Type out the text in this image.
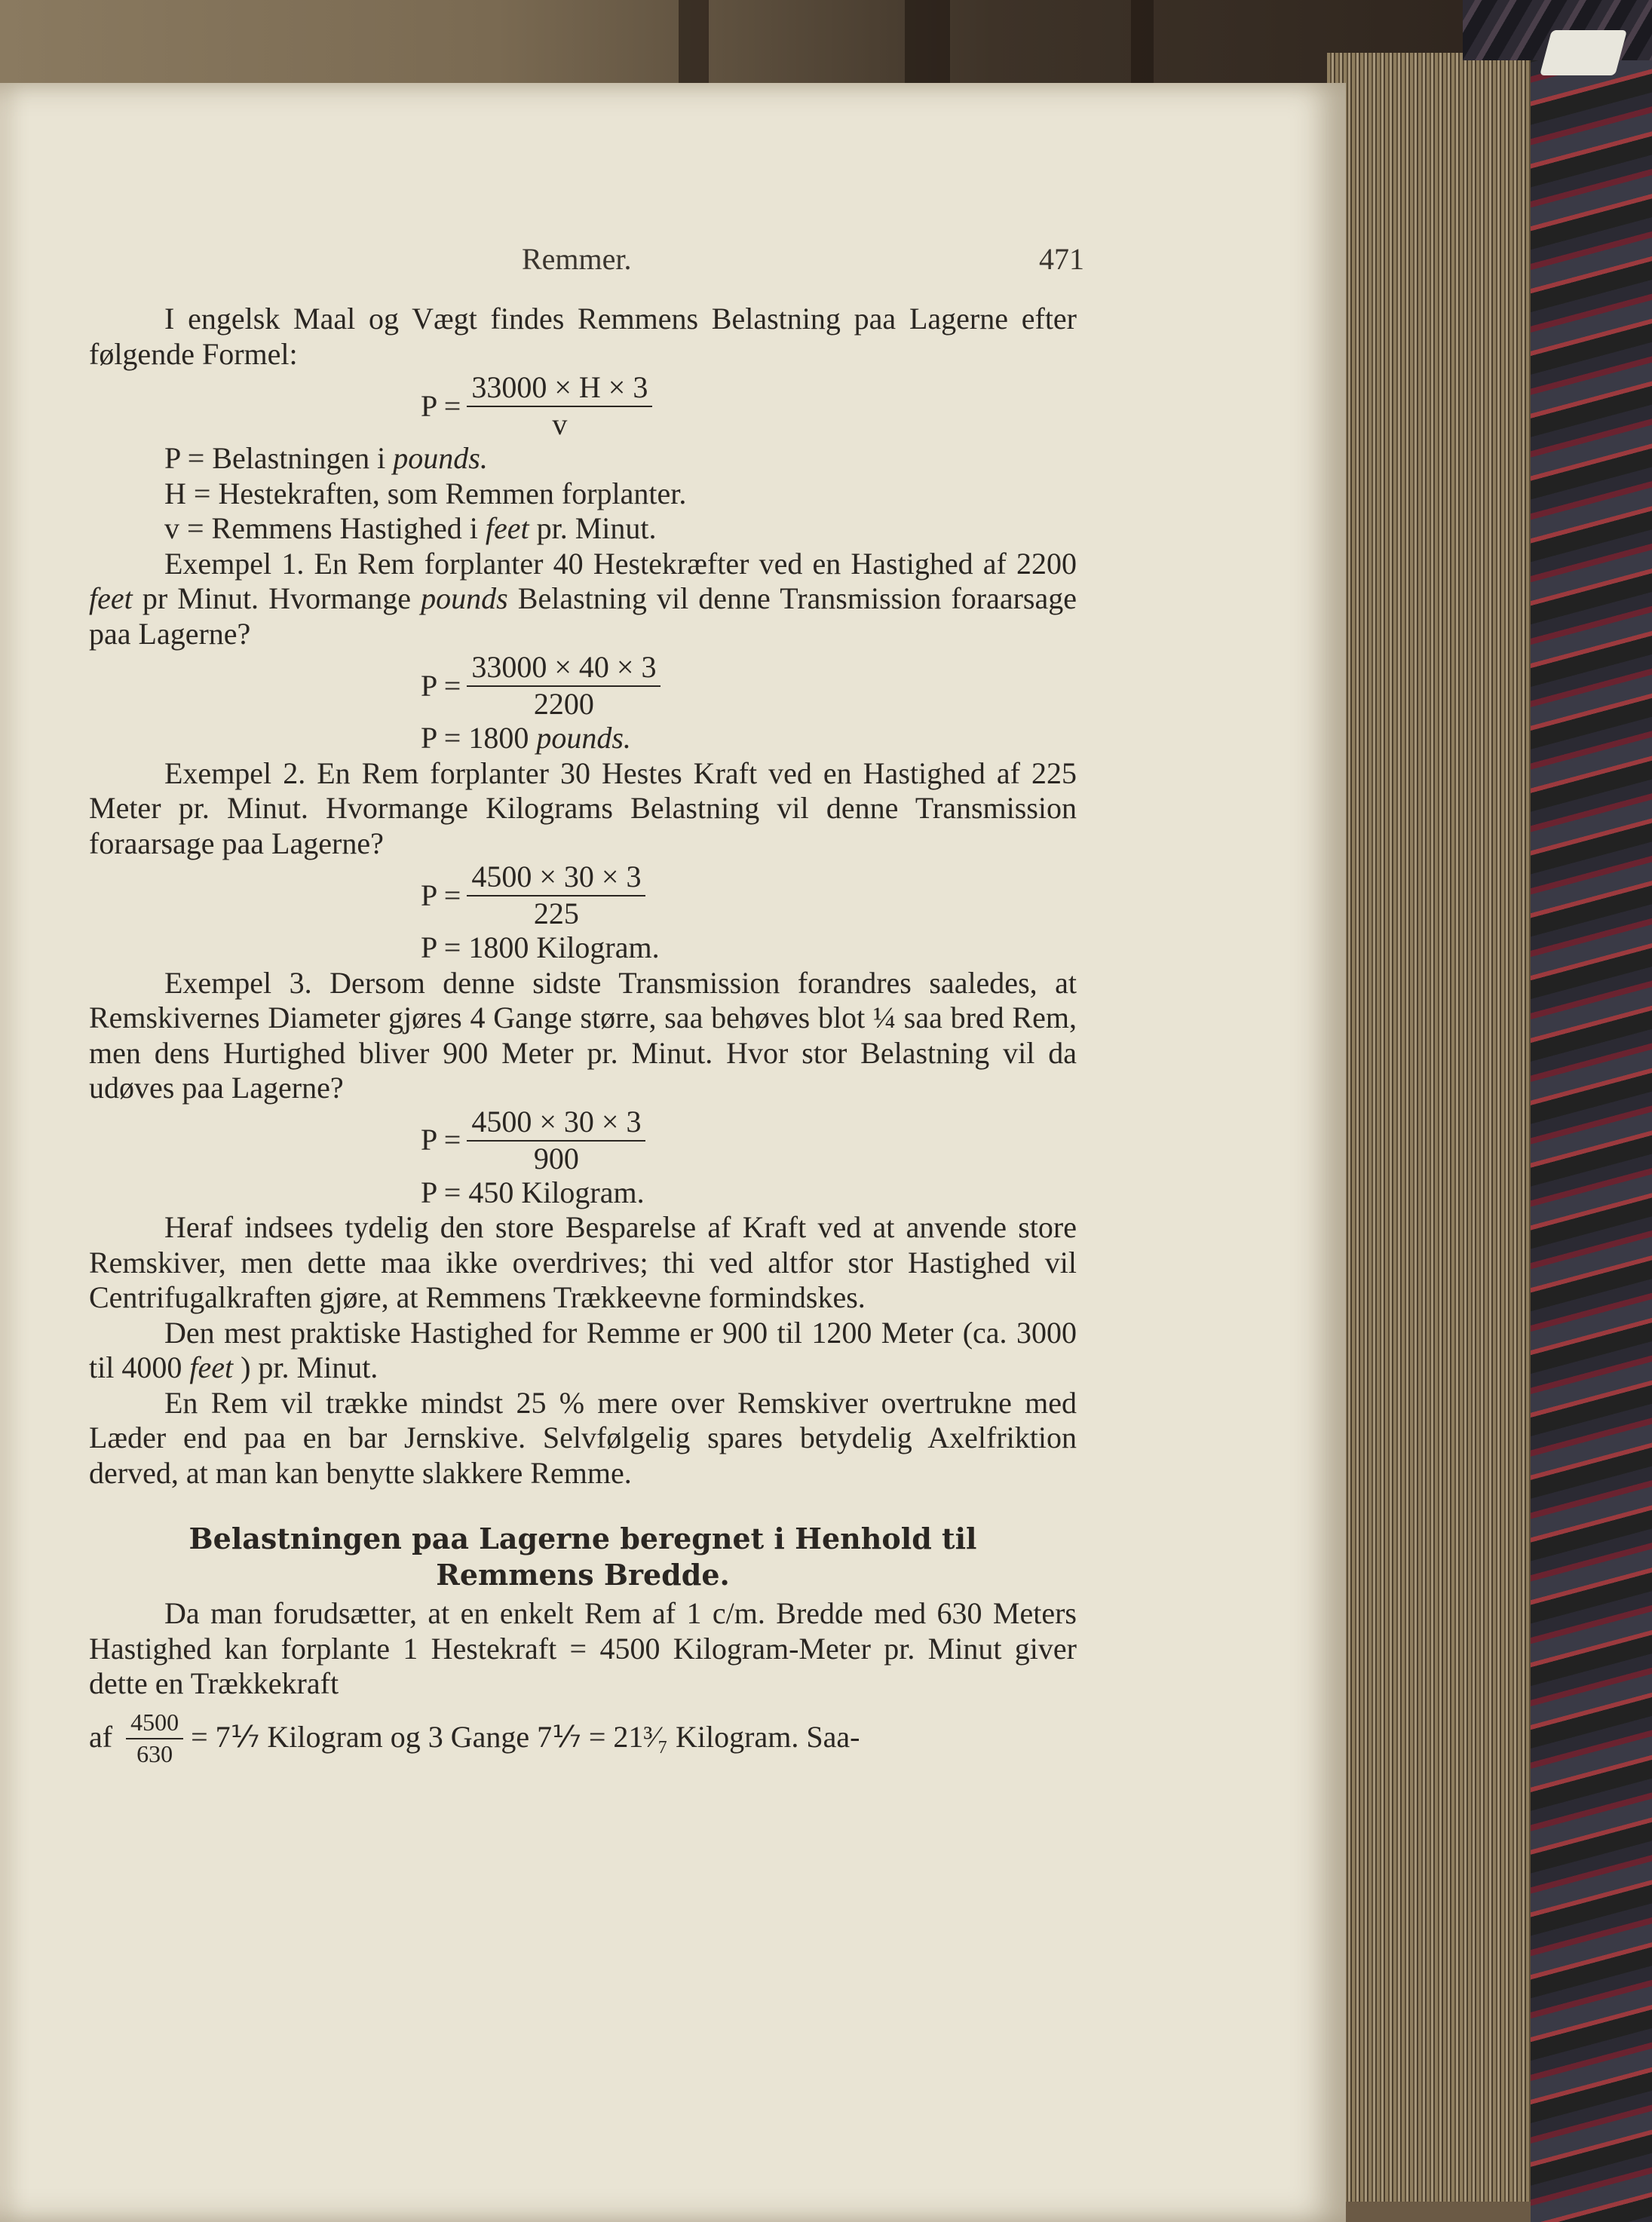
Remmer.	471

I engelsk Maal og Vægt findes Remmens Belastning paa Lagerne efter følgende Formel:

$P = \frac{33000 \times H \times 3}{v}$

P = Belastningen i pounds.

H = Hestekraften, som Remmen forplanter.

v = Remmens Hastighed i feet pr. Minut.

Exempel 1. En Rem forplanter 40 Hestekræfter ved en Hastighed af 2200 feet pr Minut. Hvormange pounds Belastning vil denne Transmission foraarsage paa Lagerne?

$P = \frac{33000 \times 40 \times 3}{2200}$

P = 1800 pounds.

Exempel 2. En Rem forplanter 30 Hestes Kraft ved en Hastighed af 225 Meter pr. Minut. Hvormange Kilograms Belastning vil denne Transmission foraarsage paa Lagerne?

$P = \frac{4500 \times 30 \times 3}{225}$

P = 1800 Kilogram.

Exempel 3. Dersom denne sidste Transmission forandres saaledes, at Remskivernes Diameter gjøres 4 Gange større, saa behøves blot ¼ saa bred Rem, men dens Hurtighed bliver 900 Meter pr. Minut. Hvor stor Belastning vil da udøves paa Lagerne?

$P = \frac{4500 \times 30 \times 3}{900}$

P = 450 Kilogram.

Heraf indsees tydelig den store Besparelse af Kraft ved at anvende store Remskiver, men dette maa ikke overdrives; thi ved altfor stor Hastighed vil Centrifugalkraften gjøre, at Remmens Trækkeevne formindskes.

Den mest praktiske Hastighed for Remme er 900 til 1200 Meter (ca. 3000 til 4000 feet ) pr. Minut.

En Rem vil trække mindst 25 % mere over Remskiver overtrukne med Læder end paa en bar Jernskive. Selvfølgelig spares betydelig Axelfriktion derved, at man kan benytte slakkere Remme.

Belastningen paa Lagerne beregnet i Henhold til
Remmens Bredde.

Da man forudsætter, at en enkelt Rem af 1 c/m. Bredde med 630 Meters Hastighed kan forplante 1 Hestekraft = 4500 Kilogram-Meter pr. Minut giver dette en Trækkekraft

af $\frac{4500}{630}$ = 7⅐ Kilogram og 3 Gange 7⅐ = 21³⁄₇ Kilogram. Saa-
